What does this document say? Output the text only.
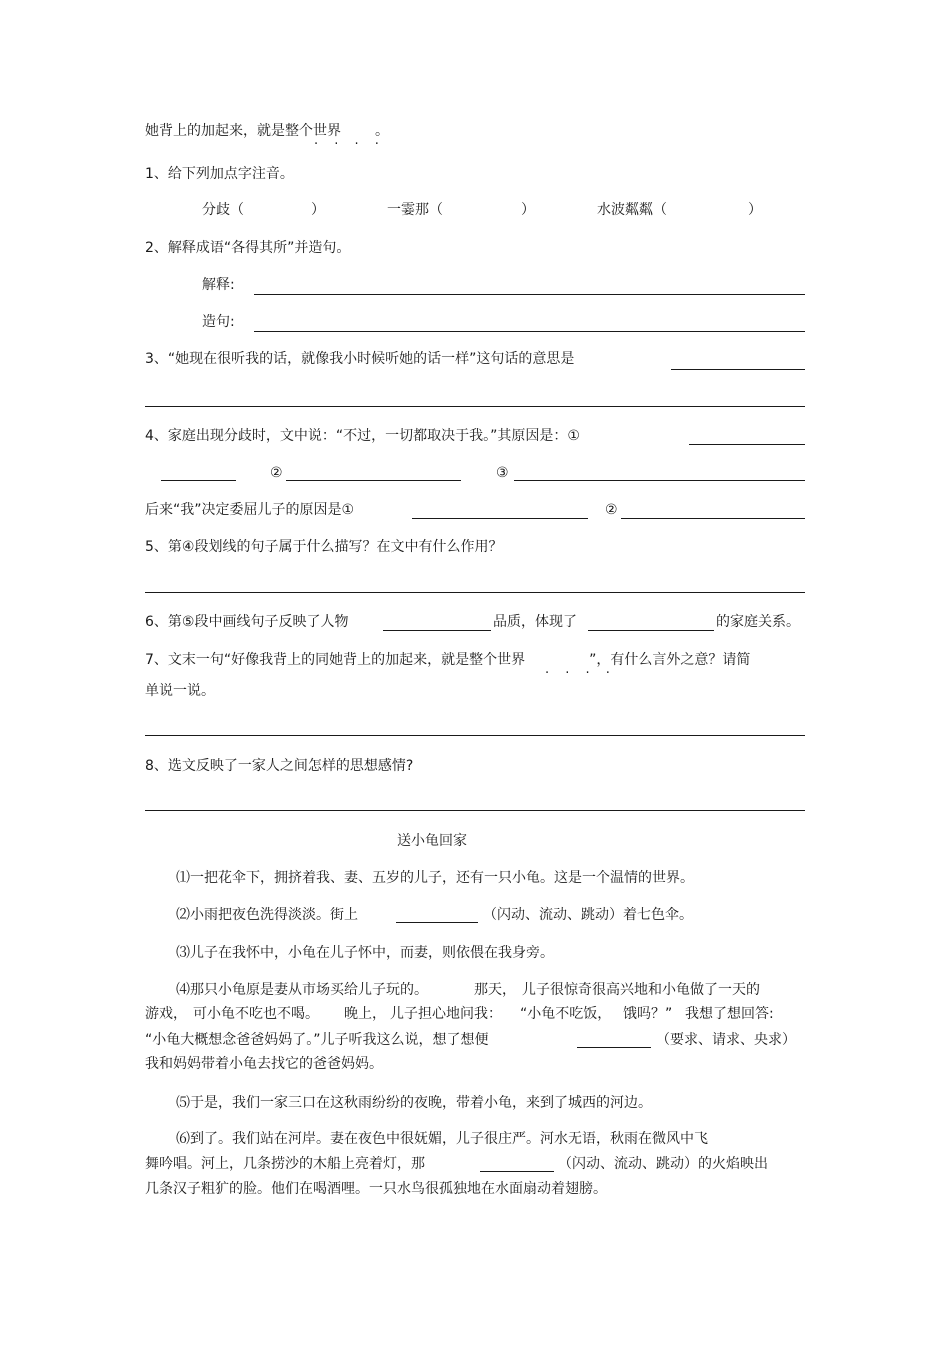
她背上的加起来，就是整个世界 。
. . . .
1、给下列加点字注音。
分歧（	）	一霎那（	）	水波粼粼（	）
2、解释成语“各得其所”并造句。
解释:
造句:
3、“她现在很听我的话，就像我小时候听她的话一样”这句话的意思是
4、家庭出现分歧时，文中说：“不过，一切都取决于我。”其原因是：①
②	③
后来“我”决定委屈儿子的原因是①	②
5、第④段划线的句子属于什么描写？在文中有什么作用？
6、第⑤段中画线句子反映了人物	品质，体现了	的家庭关系。
7、文末一句“好像我背上的同她背上的加起来，就是整个世界	”，有什么言外之意？请简
. . . .
单说一说。
8、选文反映了一家人之间怎样的思想感情?
送小龟回家
⑴一把花伞下，拥挤着我、妻、五岁的儿子，还有一只小龟。这是一个温情的世界。
⑵小雨把夜色洗得淡淡。街上	（闪动、流动、跳动）着七色伞。
⑶儿子在我怀中，小龟在儿子怀中，而妻，则依偎在我身旁。
⑷那只小龟原是妻从市场买给儿子玩的。	那天， 儿子很惊奇很高兴地和小龟做了一天的
游戏， 可小龟不吃也不喝。 晚上， 儿子担心地问我： “小龟不吃饭， 饿吗？” 我想了想回答:
“小龟大概想念爸爸妈妈了。”儿子听我这么说，想了想便	（要求、请求、央求）
我和妈妈带着小龟去找它的爸爸妈妈。
⑸于是，我们一家三口在这秋雨纷纷的夜晚，带着小龟，来到了城西的河边。
⑹到了。我们站在河岸。妻在夜色中很妩媚，儿子很庄严。河水无语，秋雨在微风中飞
舞吟唱。河上，几条捞沙的木船上亮着灯，那	（闪动、流动、跳动）的火焰映出
几条汉子粗犷的脸。他们在喝酒哩。一只水鸟很孤独地在水面扇动着翅膀。
